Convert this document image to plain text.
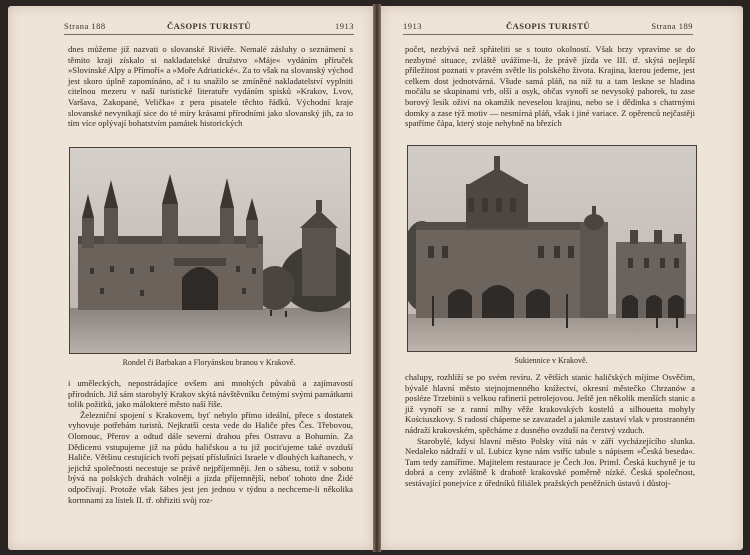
Strana 188	ČASOPIS TURISTŮ	1913

dnes můžeme již nazvati o slovanské Riviéře. Nemalé zásluhy o seznámení s těmito kraji získalo si nakladatelské družstvo »Máje« vydáním příruček »Slovinské Alpy a Přímoří« a »Moře Adriatické«. Za to však na slovanský východ jest skoro úplně zapomínáno, ač i tu snažilo se zmíněné nakladatelství vyplniti citelnou mezeru v naší turistické literatuře vydáním spisků »Krakov, Lvov, Varšava, Zakopané, Velička« z pera pisatele těchto řádků. Východní kraje slovanské nevynikají sice do té míry krásami přírodními jako slovanský jih, za to tím více oplývají bohatstvím památek historických

Rondel či Barbakan a Floryánskou branou v Krakově.

i uměleckých, nepostrádajíce ovšem ani mnohých půvabů a zajímavostí přírodních. Již sám starobylý Krakov skýtá návštěvníku četnými svými památkami tolik požitků, jako málokteré město naší říše.

Železniční spojení s Krakovem, byť nebylo přímo ideální, přece s dostatek vyhovuje potřebám turistů. Nejkratší cesta vede do Haliče přes Čes. Třebovou, Olomouc, Přerov a odtud dále severní drahou přes Ostravu a Bohumín. Za Dědicemi vstupujeme již na půdu haličskou a tu již pociťujeme také ovzduší Haliče. Většinu cestujících tvoří pejsatí příslušníci Israele v dlouhých kaftanech, v jejichž společnosti necestuje se právě nejpříjemněji. Jen o sábesu, totiž v sobotu bývá na polských drahách volněji a jízda příjemnější, neboť tohoto dne Židé odpočívají. Protože však šábes jest jen jednou v týdnu a nechceme-li několika kormnami za lístek II. tř. ohřiziti svůj roz-

1913	ČASOPIS TURISTŮ	Strana 189

počet, nezbývá než spřáteliti se s touto okolností. Však brzy vpravíme se do nezbytné situace, zvláště uvážíme-li, že právě jízda ve III. tř. skýtá nejlepší příležitost poznati v pravém světle lis polského života. Krajina, kterou jedeme, jest celkem dost jednotvárná. Všude samá pláň, na níž tu a tam leskne se hladina močálu se skupinami vrb, olší a osyk, občas vynoří se nevysoký pahorek, tu zase borový lesík oživí na okamžik neveselou krajinu, nebo se i dědinka s chatrnými domky a zase týž motiv — nesmírná pláň, však i jiné variace. Z opěrenců nejčastěji spatříme čápa, který stoje nehybně na březích

Sukiennice v Krakově.

chalupy, rozhlíží se po svém revíru. Z větších stanic haličských míjíme Osvěčim, bývalé hlavní město stejnojmenného knížectví, okresní městečko Chrzanów a posléze Trzebinii s velkou rafinerií petrolejovou. Ještě jen několik menších stanic a již vynoří se z ranní mlhy věže krakovských kostelů a silhouetta mohyly Kościuszkovy. S radostí chápeme se zavazadel a jakmile zastaví vlak v prostranném nádraží krakovském, spěcháme z dusného ovzduší na čerstvý vzduch.

Starobylé, kdysi hlavní město Polsky vítá nás v září vycházejícího slunka. Nedaleko nádraží v ul. Lubicz kyne nám vstříc tabule s nápisem »Česká beseda«. Tam tedy zamíříme. Majitelem restaurace je Čech Jos. Priml. Česká kuchyně je tu dobrá a ceny zvláštně k drahotě krakovské poměrně nízké. Česká společnost, sestávající ponejvíce z úředníků filiálek pražských peněžních ústavů i důstoj-
